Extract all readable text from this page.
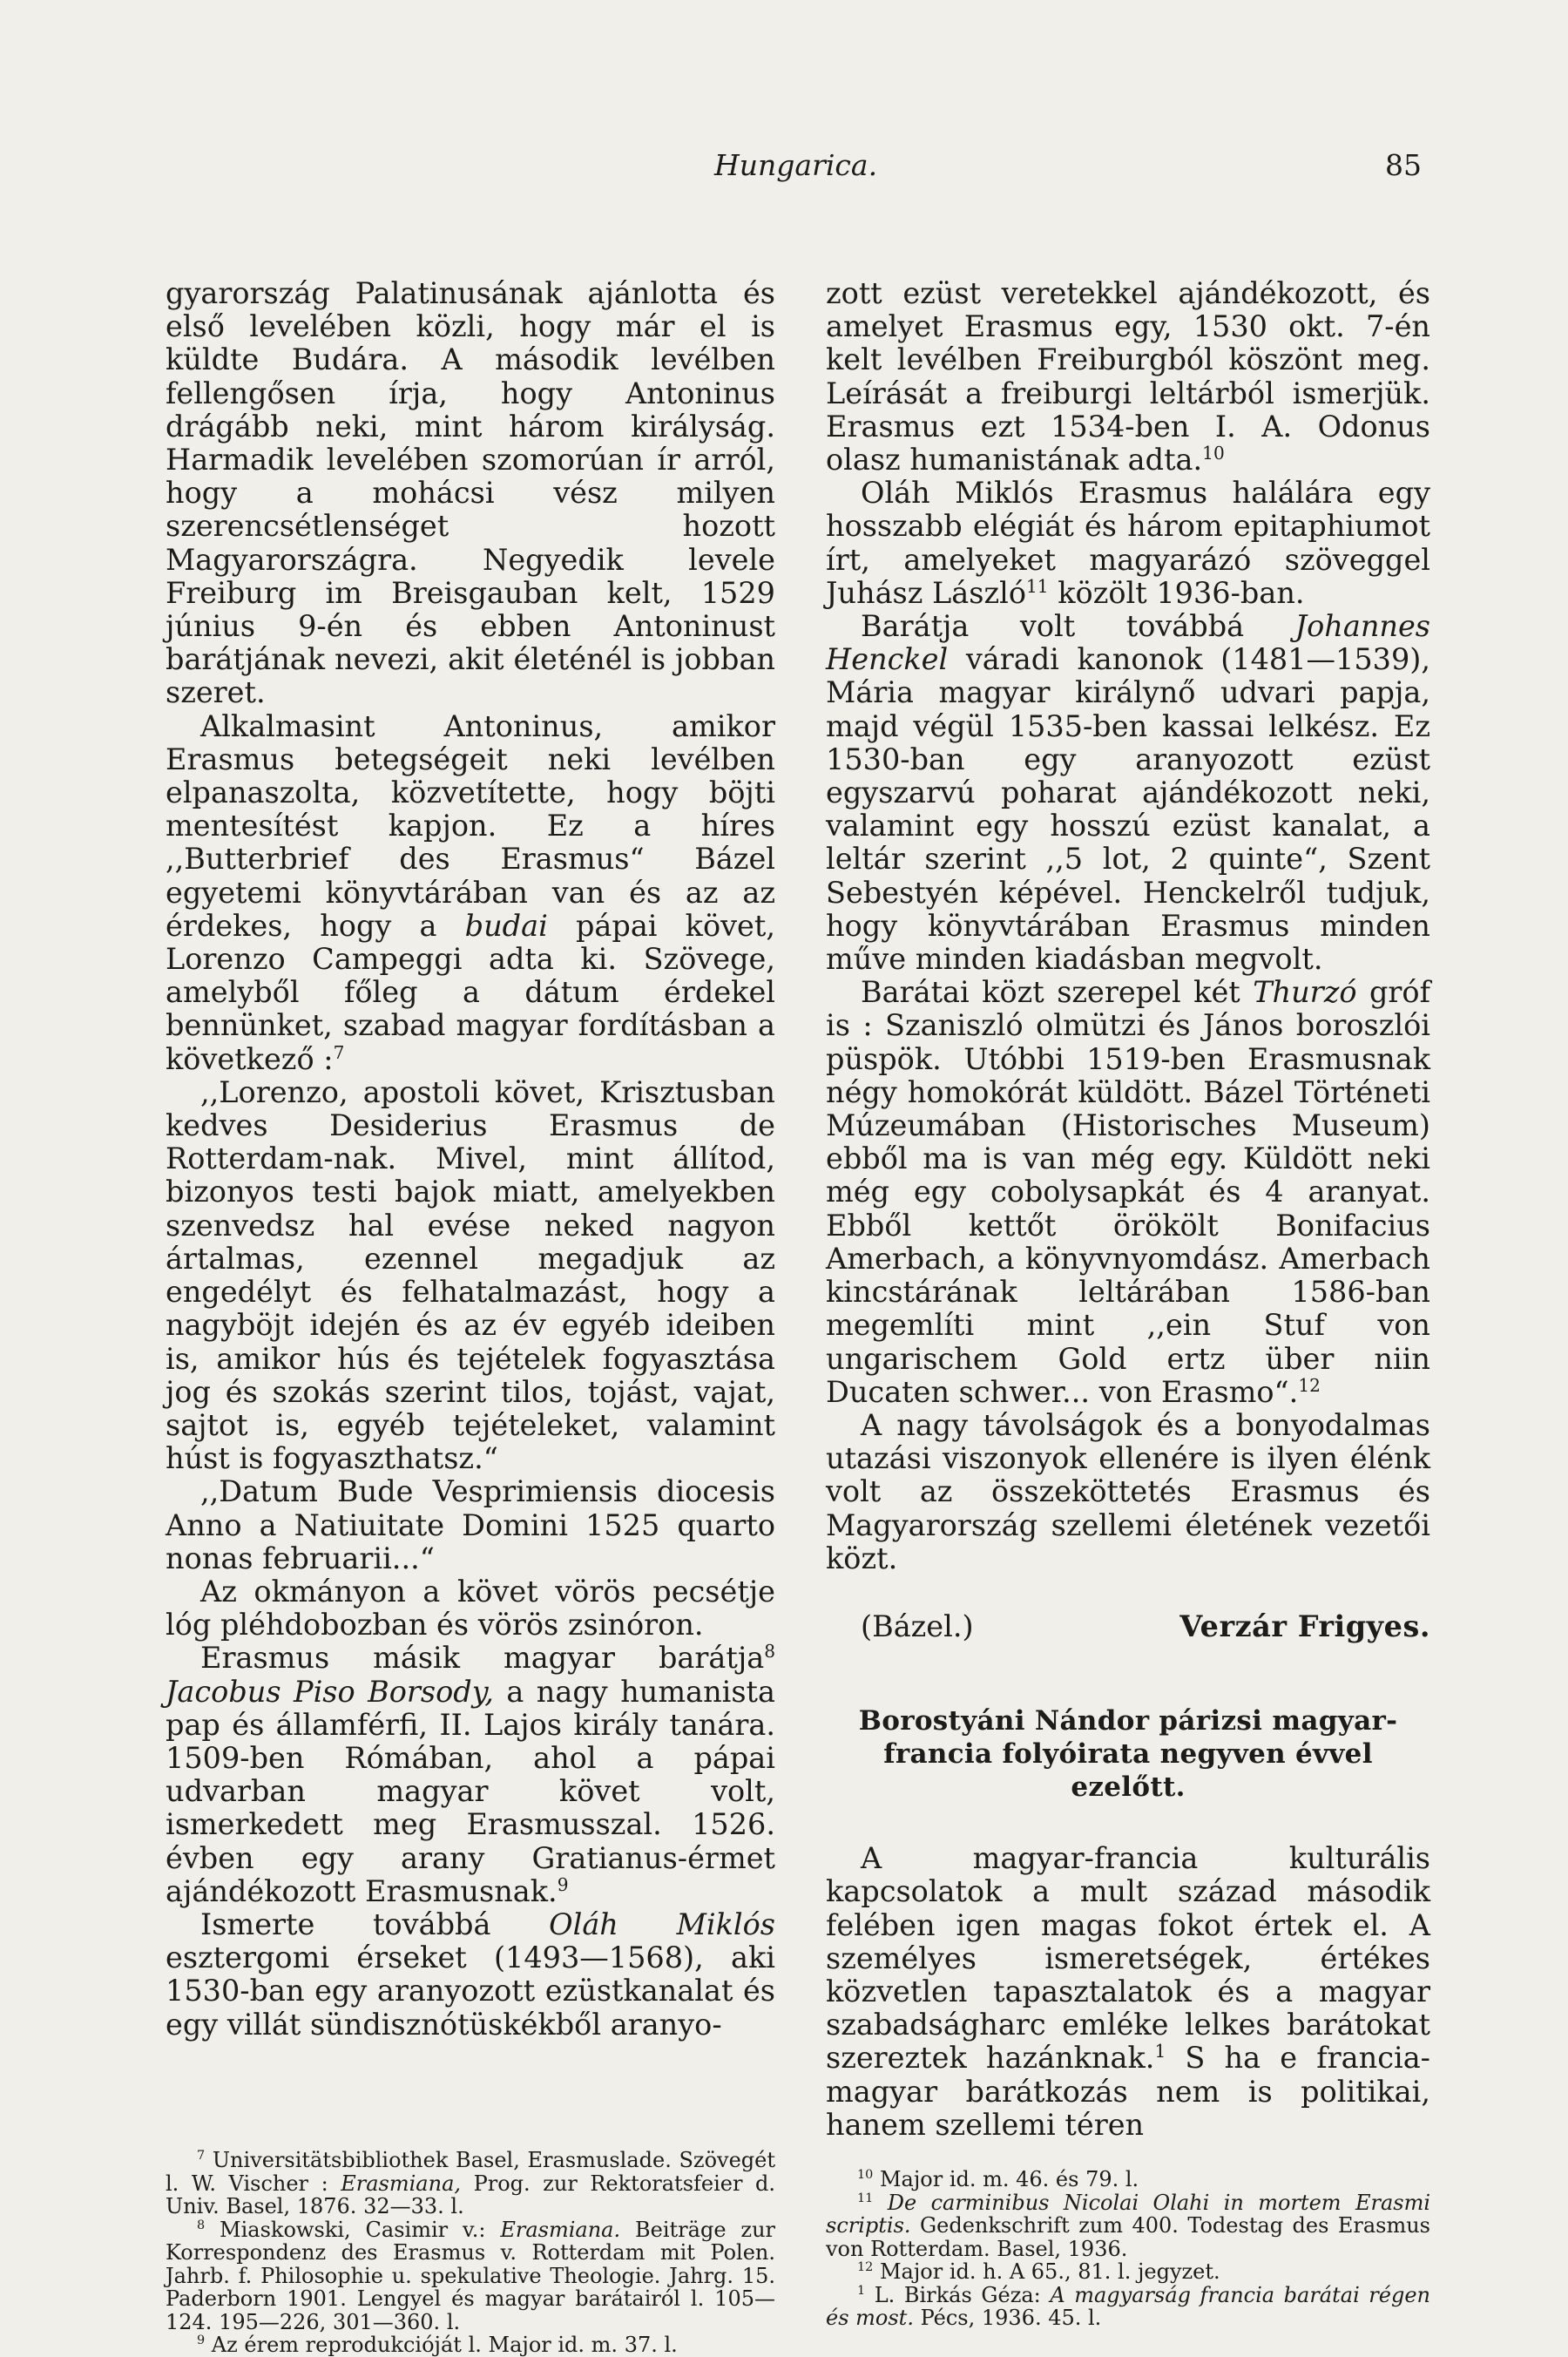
Hungarica.	85

gyarország Palatinusának ajánlotta és első levelében közli, hogy már el is küldte Budára. A második levélben fellengősen írja, hogy Antoninus drágább neki, mint három királyság. Harmadik levelében szomorúan ír arról, hogy a mohácsi vész milyen szerencsétlenséget hozott Magyarországra. Negyedik levele Freiburg im Breisgauban kelt, 1529 június 9-én és ebben Antoninust barátjának nevezi, akit életénél is jobban szeret.

Alkalmasint Antoninus, amikor Erasmus betegségeit neki levélben elpanaszolta, közvetítette, hogy böjti mentesítést kapjon. Ez a híres ,,Butterbrief des Erasmus“ Bázel egyetemi könyvtárában van és az az érdekes, hogy a budai pápai követ, Lorenzo Campeggi adta ki. Szövege, amelyből főleg a dátum érdekel bennünket, szabad magyar fordításban a következő :$^7$

,,Lorenzo, apostoli követ, Krisztusban kedves Desiderius Erasmus de Rotterdam-nak. Mivel, mint állítod, bizonyos testi bajok miatt, amelyekben szenvedsz hal evése neked nagyon ártalmas, ezennel megadjuk az engedélyt és felhatalmazást, hogy a nagyböjt idején és az év egyéb ideiben is, amikor hús és tejételek fogyasztása jog és szokás szerint tilos, tojást, vajat, sajtot is, egyéb tejételeket, valamint húst is fogyaszthatsz.“

,,Datum Bude Vesprimiensis diocesis Anno a Natiuitate Domini 1525 quarto nonas februarii...“

Az okmányon a követ vörös pecsétje lóg pléhdobozban és vörös zsinóron.

Erasmus másik magyar barátja$^8$ Jacobus Piso Borsody, a nagy humanista pap és államférfi, II. Lajos király tanára. 1509-ben Rómában, ahol a pápai udvarban magyar követ volt, ismerkedett meg Erasmusszal. 1526. évben egy arany Gratianus-érmet ajándékozott Erasmusnak.$^9$

Ismerte továbbá Oláh Miklós esztergomi érseket (1493—1568), aki 1530-ban egy aranyozott ezüstkanalat és egy villát sündisznótüskékből aranyo-

zott ezüst veretekkel ajándékozott, és amelyet Erasmus egy, 1530 okt. 7-én kelt levélben Freiburgból köszönt meg. Leírását a freiburgi leltárból ismerjük. Erasmus ezt 1534-ben I. A. Odonus olasz humanistának adta.$^{10}$

Oláh Miklós Erasmus halálára egy hosszabb elégiát és három epitaphiumot írt, amelyeket magyarázó szöveggel Juhász László$^{11}$ közölt 1936-ban.

Barátja volt továbbá Johannes Henckel váradi kanonok (1481—1539), Mária magyar királynő udvari papja, majd végül 1535-ben kassai lelkész. Ez 1530-ban egy aranyozott ezüst egyszarvú poharat ajándékozott neki, valamint egy hosszú ezüst kanalat, a leltár szerint ,,5 lot, 2 quinte“, Szent Sebestyén képével. Henckelről tudjuk, hogy könyvtárában Erasmus minden műve minden kiadásban megvolt.

Barátai közt szerepel két Thurzó gróf is : Szaniszló olmützi és János boroszlói püspök. Utóbbi 1519-ben Erasmusnak négy homokórát küldött. Bázel Történeti Múzeumában (Historisches Museum) ebből ma is van még egy. Küldött neki még egy cobolysapkát és 4 aranyat. Ebből kettőt örökölt Bonifacius Amerbach, a könyvnyomdász. Amerbach kincstárának leltárában 1586-ban megemlíti mint ,,ein Stuf von ungarischem Gold ertz über niin Ducaten schwer... von Erasmo“.$^{12}$

A nagy távolságok és a bonyodalmas utazási viszonyok ellenére is ilyen élénk volt az összeköttetés Erasmus és Magyarország szellemi életének vezetői közt.

(Bázel.)	Verzár Frigyes.
Borostyáni Nándor párizsi magyar-francia folyóirata negyven évvel ezelőtt.

A magyar-francia kulturális kapcsolatok a mult század második felében igen magas fokot értek el. A személyes ismeretségek, értékes közvetlen tapasztalatok és a magyar szabadságharc emléke lelkes barátokat szereztek hazánknak.$^1$ S ha e francia-magyar barátkozás nem is politikai, hanem szellemi téren

$^7$ Universitätsbibliothek Basel, Erasmuslade. Szövegét l. W. Vischer : Erasmiana, Prog. zur Rektoratsfeier d. Univ. Basel, 1876. 32—33. l.

$^8$ Miaskowski, Casimir v.: Erasmiana. Beiträge zur Korrespondenz des Erasmus v. Rotterdam mit Polen. Jahrb. f. Philosophie u. spekulative Theologie. Jahrg. 15. Paderborn 1901. Lengyel és magyar barátairól l. 105—124. 195—226, 301—360. l.

$^9$ Az érem reprodukcióját l. Major id. m. 37. l.

$^{10}$ Major id. m. 46. és 79. l.

$^{11}$ De carminibus Nicolai Olahi in mortem Erasmi scriptis. Gedenkschrift zum 400. Todestag des Erasmus von Rotterdam. Basel, 1936.

$^{12}$ Major id. h. A 65., 81. l. jegyzet.

$^1$ L. Birkás Géza: A magyarság francia barátai régen és most. Pécs, 1936. 45. l.
